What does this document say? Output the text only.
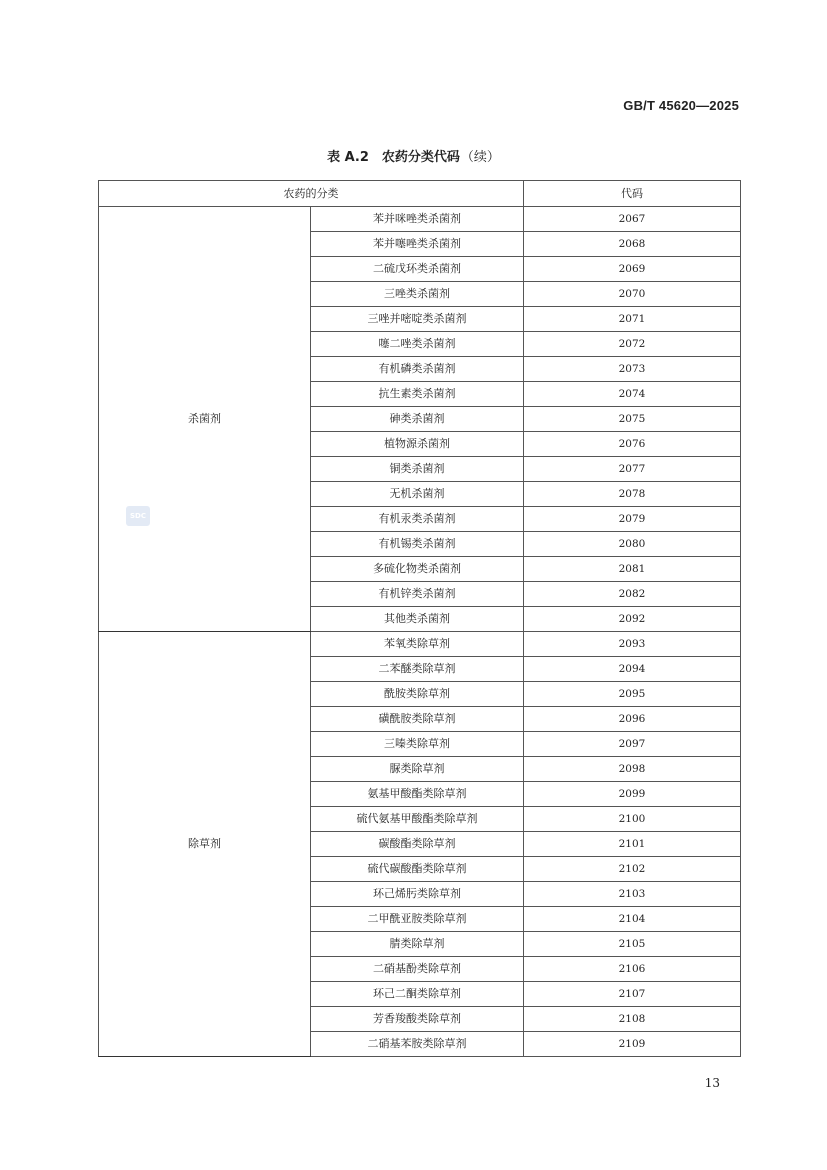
GB/T 45620—2025
表 A.2　农药分类代码（续）
农药的分类		代码
杀菌剂	苯并咪唑类杀菌剂	2067
	苯并噻唑类杀菌剂	2068
	二硫戊环类杀菌剂	2069
	三唑类杀菌剂	2070
	三唑并嘧啶类杀菌剂	2071
	噻二唑类杀菌剂	2072
	有机磷类杀菌剂	2073
	抗生素类杀菌剂	2074
	砷类杀菌剂	2075
	植物源杀菌剂	2076
	铜类杀菌剂	2077
	无机杀菌剂	2078
	有机汞类杀菌剂	2079
	有机锡类杀菌剂	2080
	多硫化物类杀菌剂	2081
	有机锌类杀菌剂	2082
	其他类杀菌剂	2092
除草剂	苯氧类除草剂	2093
	二苯醚类除草剂	2094
	酰胺类除草剂	2095
	磺酰胺类除草剂	2096
	三嗪类除草剂	2097
	脲类除草剂	2098
	氨基甲酸酯类除草剂	2099
	硫代氨基甲酸酯类除草剂	2100
	碳酸酯类除草剂	2101
	硫代碳酸酯类除草剂	2102
	环己烯肟类除草剂	2103
	二甲酰亚胺类除草剂	2104
	腈类除草剂	2105
	二硝基酚类除草剂	2106
	环己二酮类除草剂	2107
	芳香羧酸类除草剂	2108
	二硝基苯胺类除草剂	2109
SDC
13
